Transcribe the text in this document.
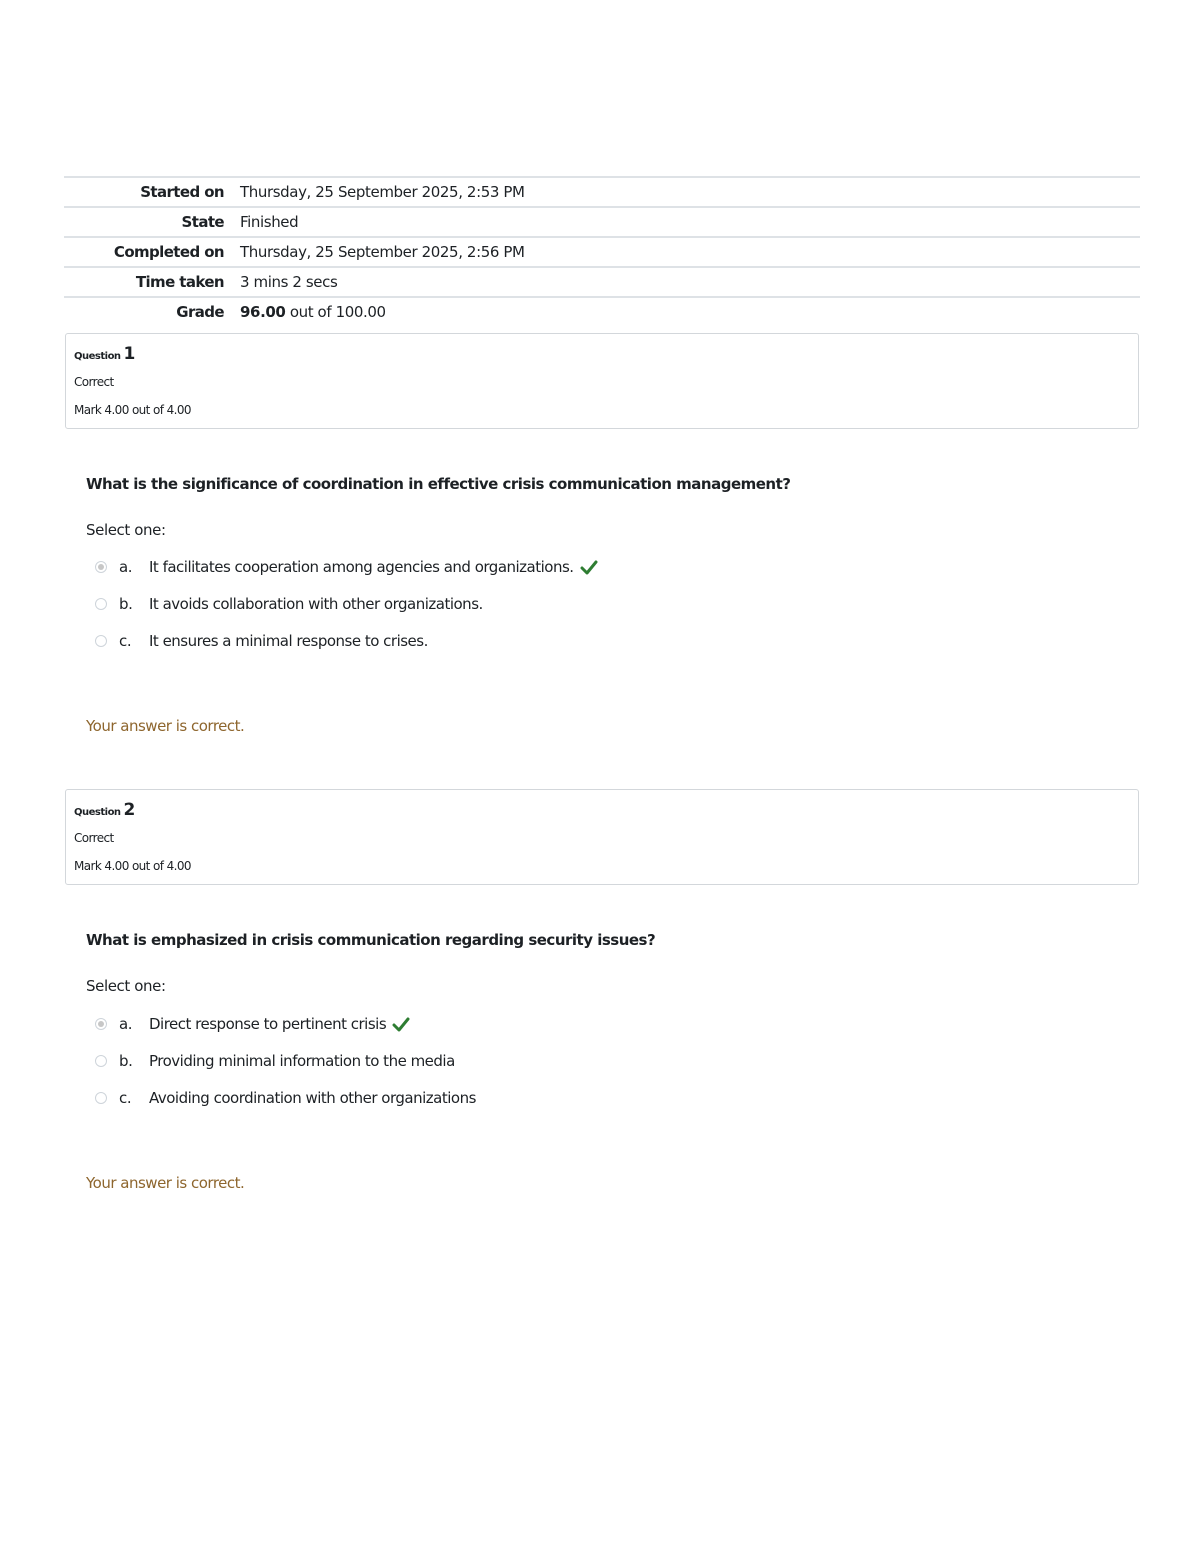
Started on	Thursday, 25 September 2025, 2:53 PM
State	Finished
Completed on	Thursday, 25 September 2025, 2:56 PM
Time taken	3 mins 2 secs
Grade	96.00 out of 100.00
Question 1
Correct
Mark 4.00 out of 4.00
What is the significance of coordination in effective crisis communication management?
Select one:
a.	It facilitates cooperation among agencies and organizations.
b.	It avoids collaboration with other organizations.
c.	It ensures a minimal response to crises.
Your answer is correct.
Question 2
Correct
Mark 4.00 out of 4.00
What is emphasized in crisis communication regarding security issues?
Select one:
a.	Direct response to pertinent crisis
b.	Providing minimal information to the media
c.	Avoiding coordination with other organizations
Your answer is correct.
